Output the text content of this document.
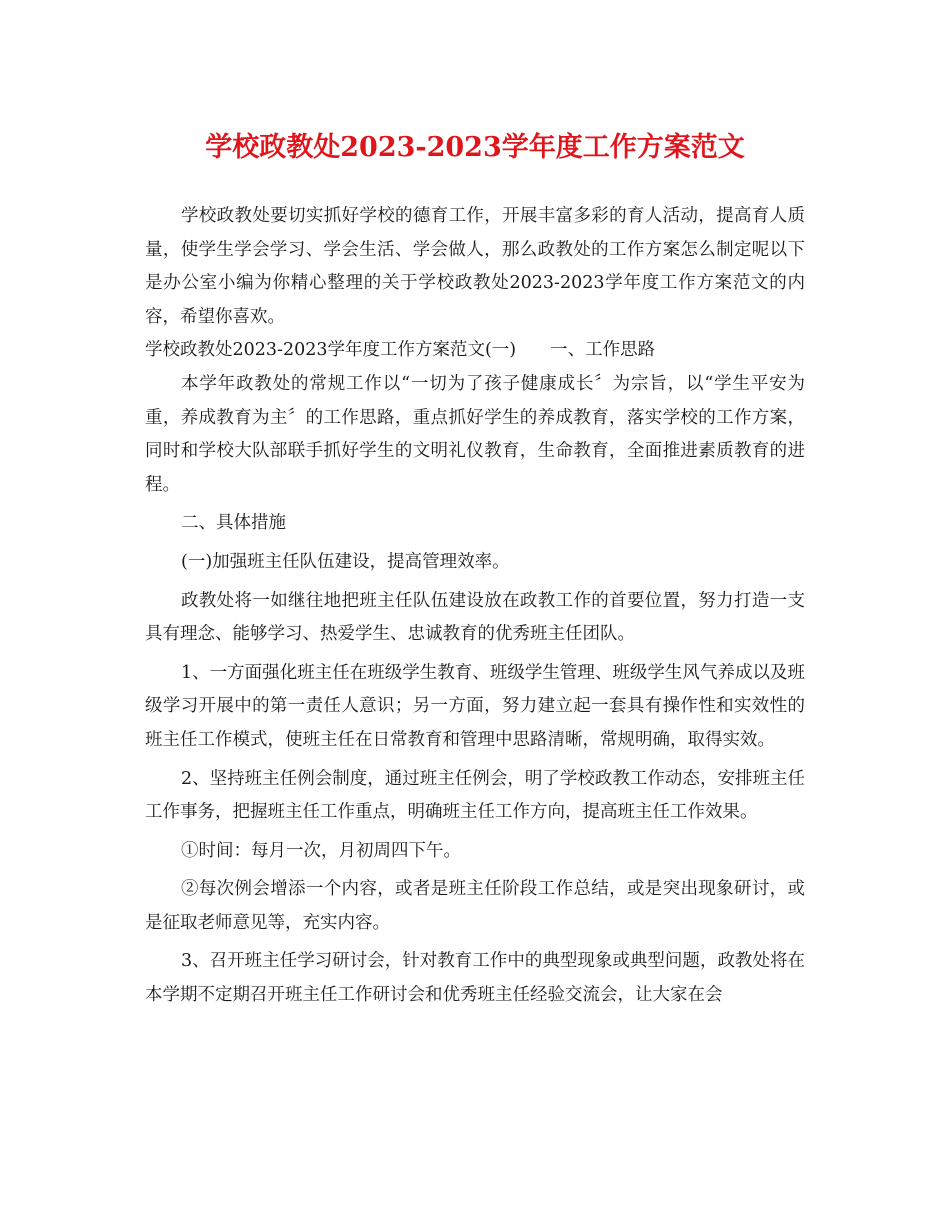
学校政教处2023-2023学年度工作方案范文

学校政教处要切实抓好学校的德育工作，开展丰富多彩的育人活动，提高育人质量，使学生学会学习、学会生活、学会做人，那么政教处的工作方案怎么制定呢以下是办公室小编为你精心整理的关于学校政教处2023-2023学年度工作方案范文的内容，希望你喜欢。

学校政教处2023-2023学年度工作方案范文(一) 一、工作思路

本学年政教处的常规工作以“一切为了孩子健康成长〞为宗旨，以“学生平安为重，养成教育为主〞的工作思路，重点抓好学生的养成教育，落实学校的工作方案，同时和学校大队部联手抓好学生的文明礼仪教育，生命教育，全面推进素质教育的进程。

二、具体措施

(一)加强班主任队伍建设，提高管理效率。

政教处将一如继往地把班主任队伍建设放在政教工作的首要位置，努力打造一支具有理念、能够学习、热爱学生、忠诚教育的优秀班主任团队。

1、一方面强化班主任在班级学生教育、班级学生管理、班级学生风气养成以及班级学习开展中的第一责任人意识；另一方面，努力建立起一套具有操作性和实效性的班主任工作模式，使班主任在日常教育和管理中思路清晰，常规明确，取得实效。

2、坚持班主任例会制度，通过班主任例会，明了学校政教工作动态，安排班主任工作事务，把握班主任工作重点，明确班主任工作方向，提高班主任工作效果。

①时间：每月一次，月初周四下午。

②每次例会增添一个内容，或者是班主任阶段工作总结，或是突出现象研讨，或是征取老师意见等，充实内容。

3、召开班主任学习研讨会，针对教育工作中的典型现象或典型问题，政教处将在本学期不定期召开班主任工作研讨会和优秀班主任经验交流会，让大家在会
